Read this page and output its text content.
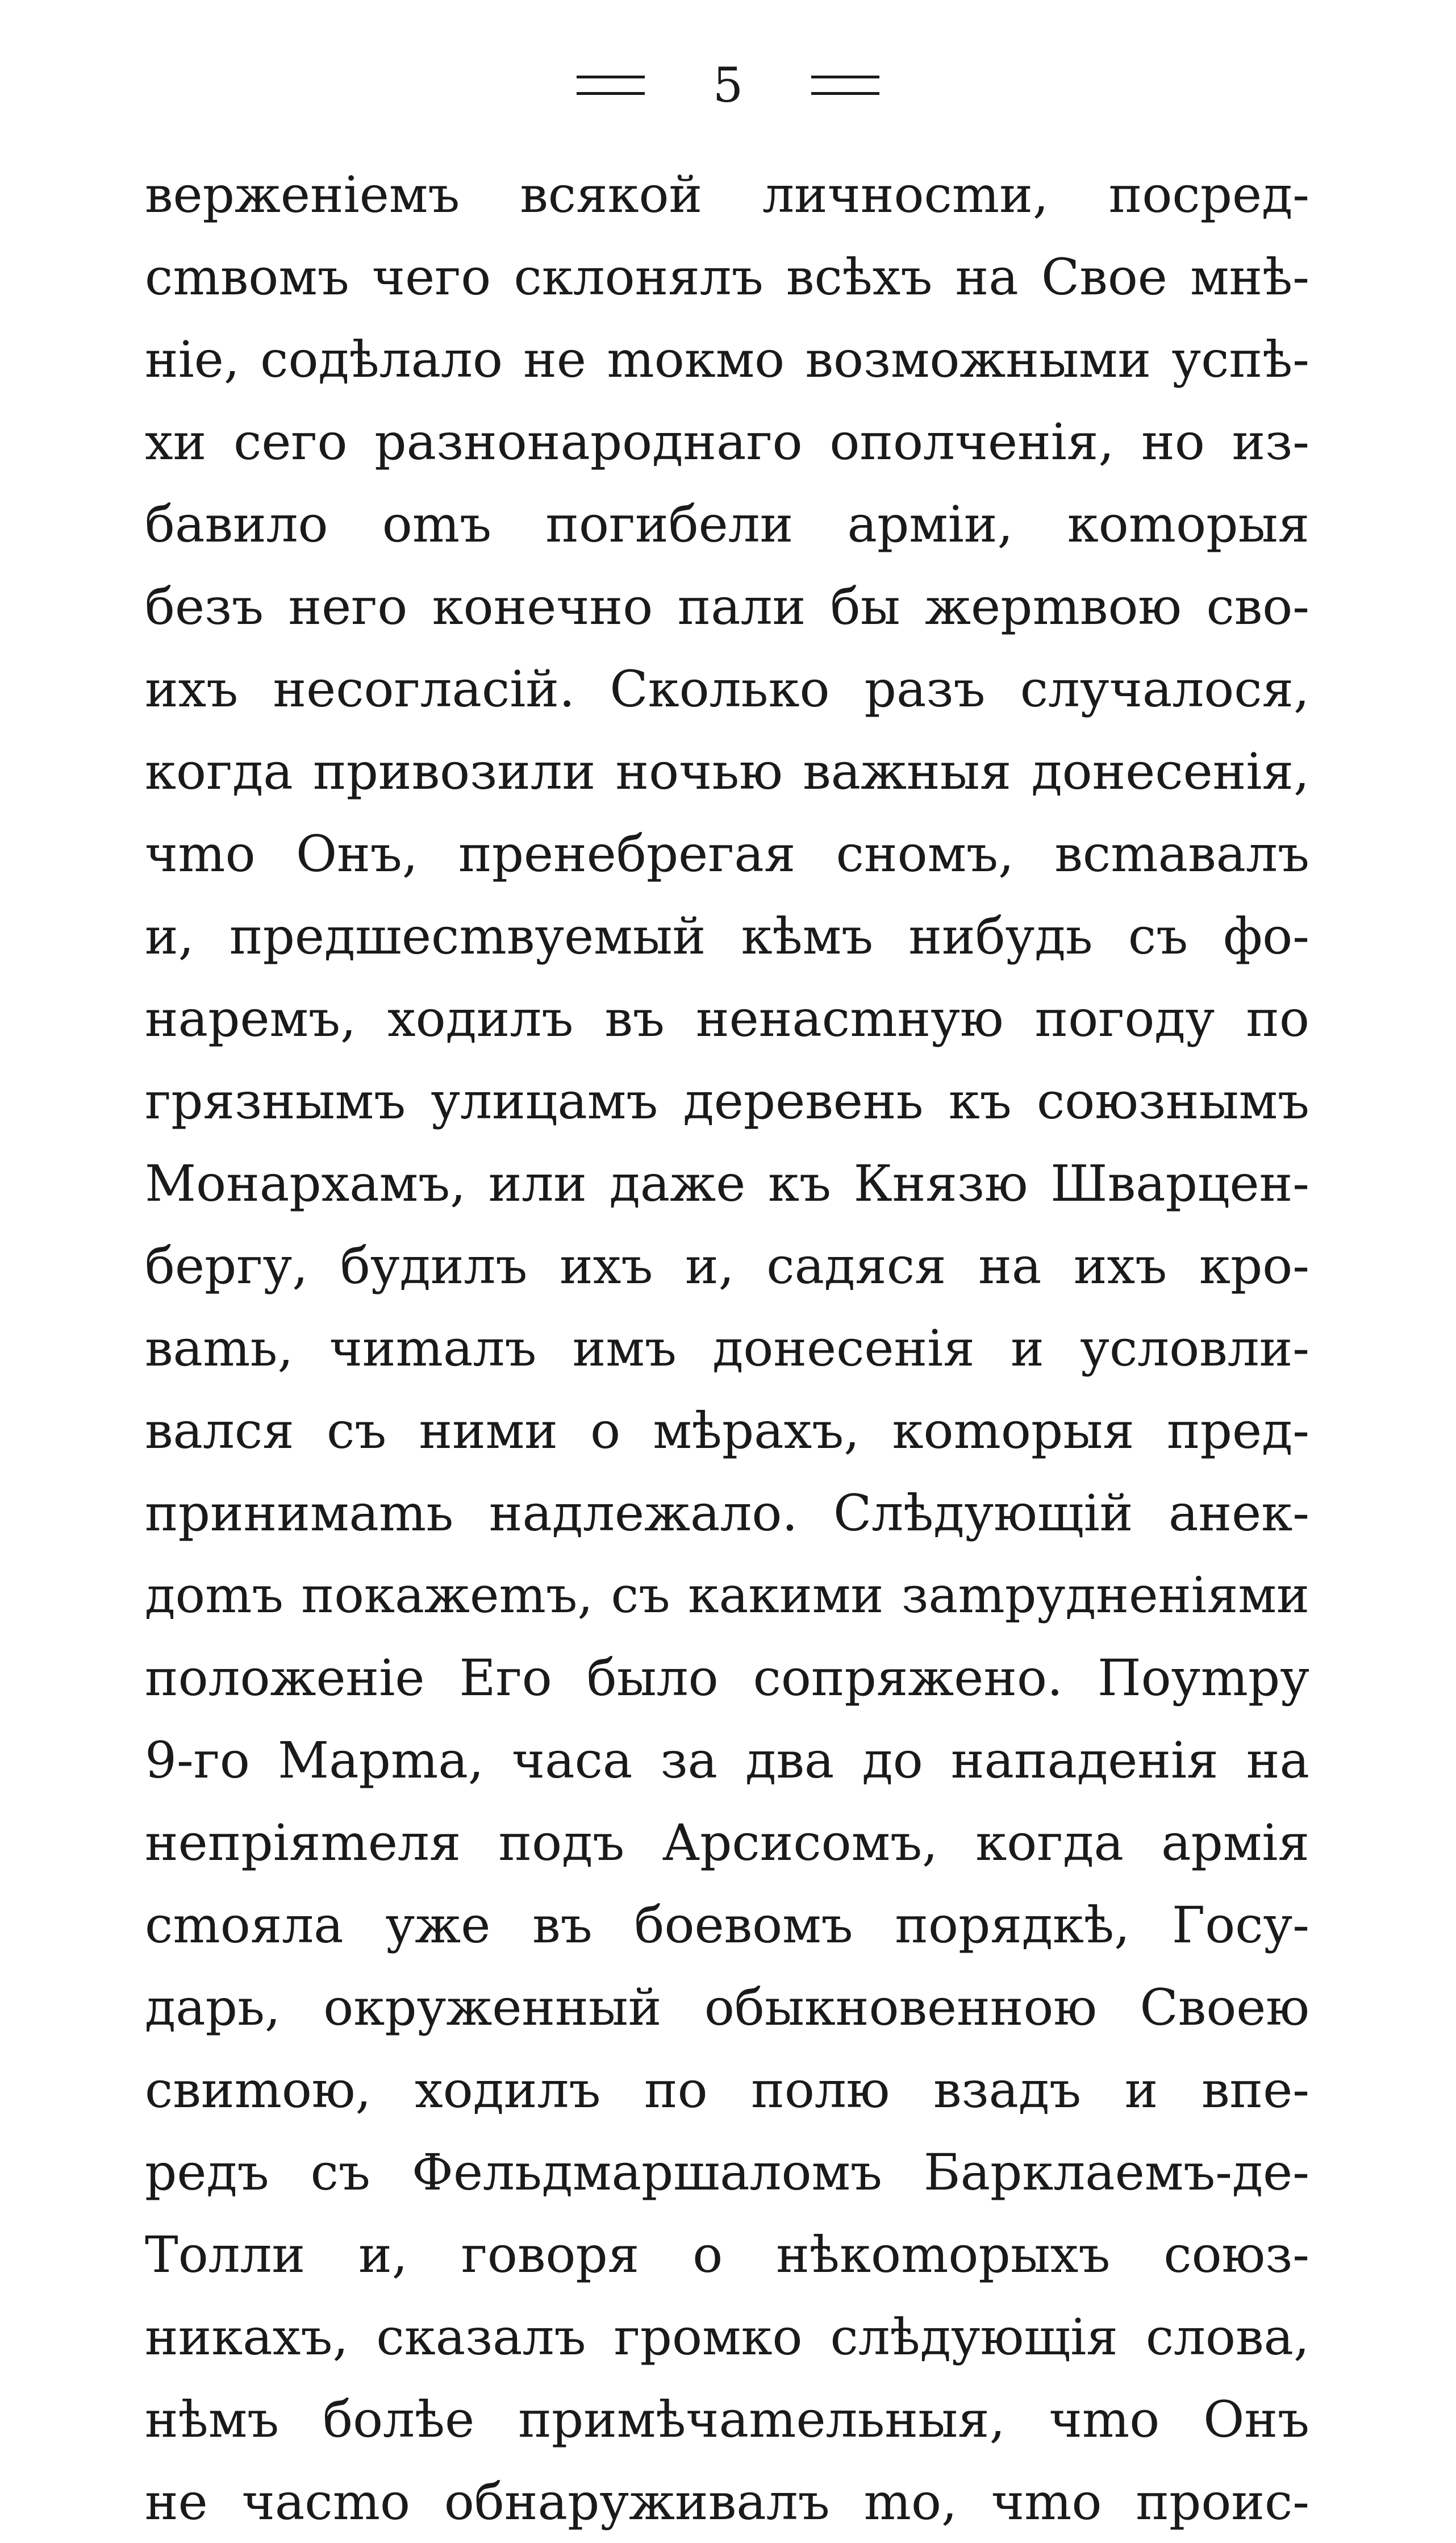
5
верженіемъ всякой личносmи, посред-
сmвомъ чего склонялъ всѣхъ на Свое мнѣ-
ніе, содѣлало не mокмо возможными успѣ-
хи сего разнонароднаго ополченія, но из-
бавило оmъ погибели арміи, коmорыя
безъ него конечно пали бы жерmвою сво-
ихъ несогласій. Сколько разъ случалося,
когда привозили ночью важныя донесенія,
чmо Онъ, пренебрегая сномъ, вcmавалъ
и, предшесmвуемый кѣмъ нибудь съ фо-
наремъ, ходилъ въ ненасmную погоду по
грязнымъ улицамъ деревень къ союзнымъ
Монархамъ, или даже къ Князю Шварцен-
бергу, будилъ ихъ и, садяся на ихъ кро-
ваmь, чиmалъ имъ донесенія и условли-
вался съ ними о мѣрахъ, коmорыя пред-
принимаmь надлежало. Слѣдующій анек-
доmъ покажеmъ, съ какими заmрудненіями
положеніе Его было сопряжено. Поуmру
9-го Марmа, часа за два до нападенія на
непріяmеля подъ Арсисомъ, когда армія
сmояла уже въ боевомъ порядкѣ, Госу-
дарь, окруженный обыкновенною Своею
свиmою, ходилъ по полю взадъ и впе-
редъ съ Фельдмаршаломъ Барклаемъ-де-
Толли и, говоря о нѣкоmорыхъ союз-
никахъ, сказалъ громко слѣдующія слова,
нѣмъ болѣе примѣчаmельныя, чmо Онъ
не часmо обнаруживалъ mо, чmо проис-
